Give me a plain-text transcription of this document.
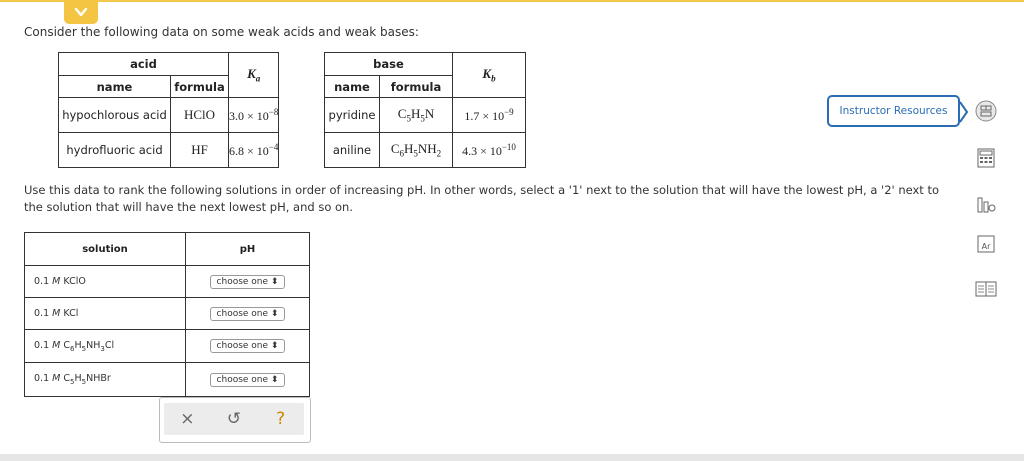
Consider the following data on some weak acids and weak bases:
acid		$K_a$
name	formula	
hypochlorous acid	HClO	$3.0 \times 10^{-8}$
hydrofluoric acid	HF	$6.8 \times 10^{-4}$
base		$K_b$
name	formula	
pyridine	$C_5H_5N$	$1.7 \times 10^{-9}$
aniline	$C_6H_5NH_2$	$4.3 \times 10^{-10}$
Use this data to rank the following solutions in order of increasing pH. In other words, select a '1' next to the solution that will have the lowest pH, a '2' next to the solution that will have the next lowest pH, and so on.
solution	pH
0.1 M KClO	choose one ⬍
0.1 M KCl	choose one ⬍
0.1 M $C_6H_5NH_3Cl$	choose one ⬍
0.1 M $C_5H_5NHBr$	choose one ⬍
×	↺	?
Instructor Resources
Ar
